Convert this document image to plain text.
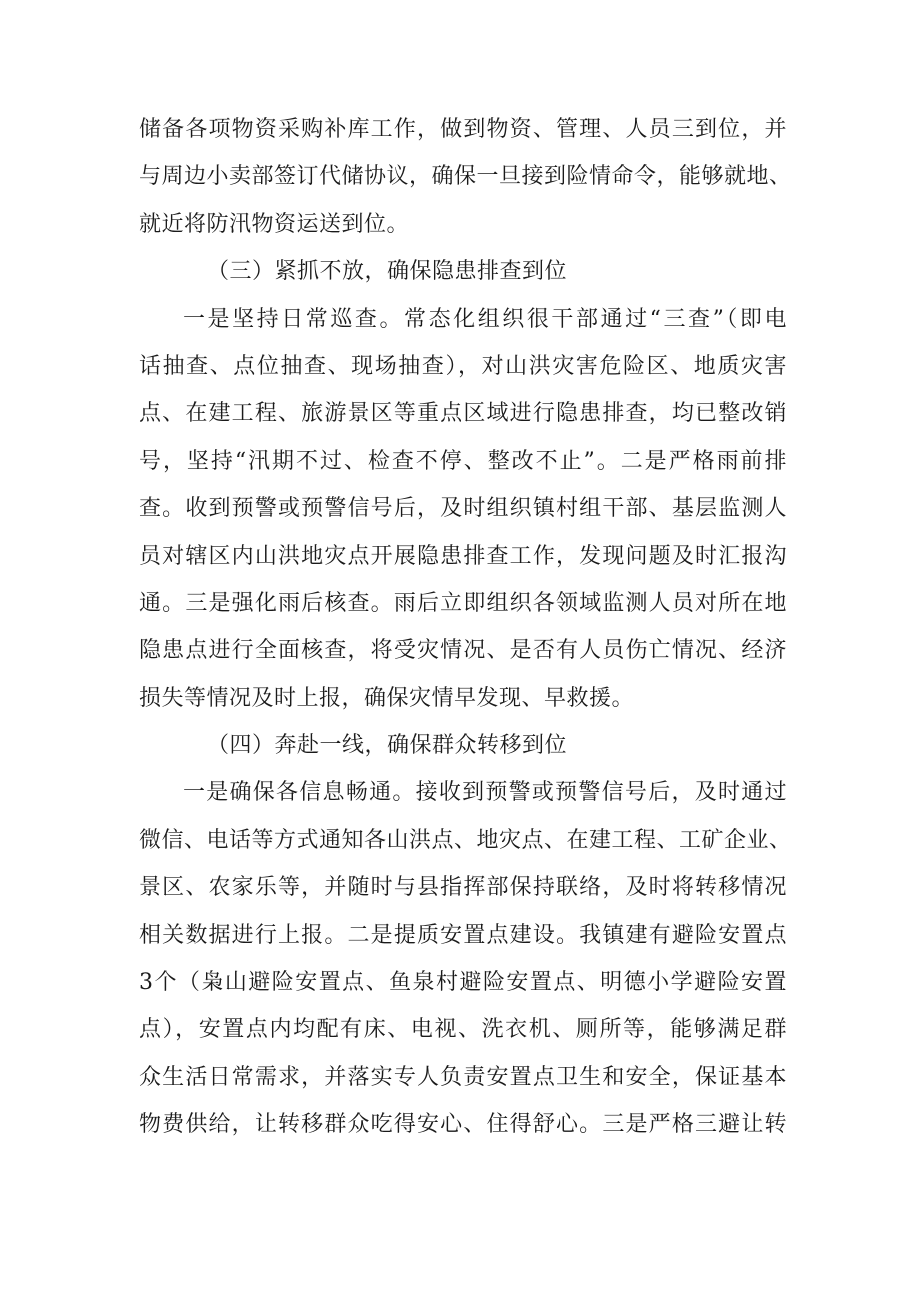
储备各项物资采购补库工作，做到物资、管理、人员三到位，并
与周边小卖部签订代储协议，确保一旦接到险情命令，能够就地、
就近将防汛物资运送到位。
（三）紧抓不放，确保隐患排查到位
一是坚持日常巡查。常态化组织很干部通过“三查”（即电
话抽查、点位抽查、现场抽查），对山洪灾害危险区、地质灾害
点、在建工程、旅游景区等重点区域进行隐患排查，均已整改销
号，坚持“汛期不过、检查不停、整改不止”。二是严格雨前排
查。收到预警或预警信号后，及时组织镇村组干部、基层监测人
员对辖区内山洪地灾点开展隐患排查工作，发现问题及时汇报沟
通。三是强化雨后核查。雨后立即组织各领域监测人员对所在地
隐患点进行全面核查，将受灾情况、是否有人员伤亡情况、经济
损失等情况及时上报，确保灾情早发现、早救援。
（四）奔赴一线，确保群众转移到位
一是确保各信息畅通。接收到预警或预警信号后，及时通过
微信、电话等方式通知各山洪点、地灾点、在建工程、工矿企业、
景区、农家乐等，并随时与县指挥部保持联络，及时将转移情况
相关数据进行上报。二是提质安置点建设。我镇建有避险安置点
3个（枭山避险安置点、鱼泉村避险安置点、明德小学避险安置
点），安置点内均配有床、电视、洗衣机、厕所等，能够满足群
众生活日常需求，并落实专人负责安置点卫生和安全，保证基本
物费供给，让转移群众吃得安心、住得舒心。三是严格三避让转
